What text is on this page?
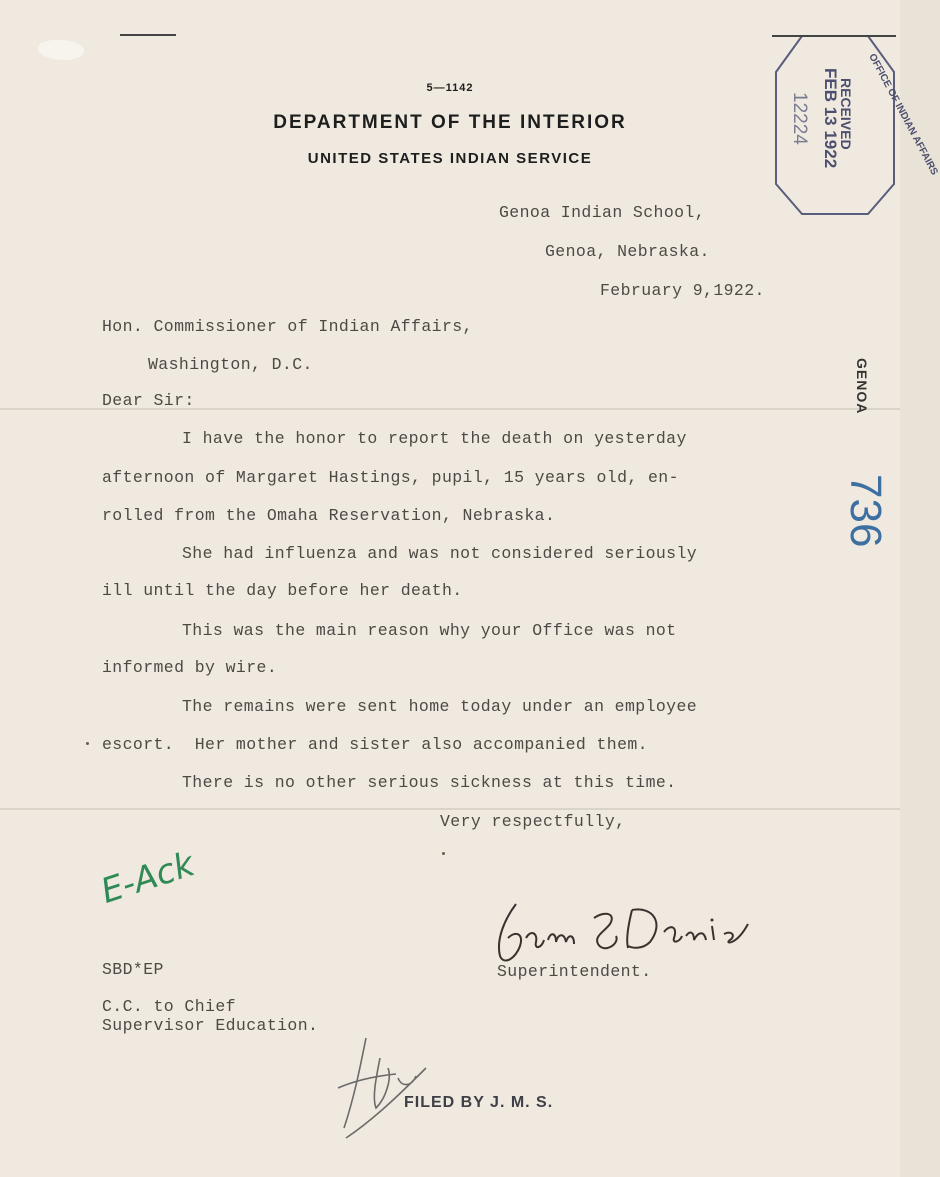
5—1142
DEPARTMENT OF THE INTERIOR
UNITED STATES INDIAN SERVICE	OFFICE OF INDIAN AFFAIRS
RECEIVED
FEB 13 1922
12224
Genoa Indian School,
Genoa, Nebraska.
February 9,1922.
Hon. Commissioner of Indian Affairs,
Washington, D.C.
Dear Sir:
I have the honor to report the death on yesterday
afternoon of Margaret Hastings, pupil, 15 years old, en-
rolled from the Omaha Reservation, Nebraska.
She had influenza and was not considered seriously
ill until the day before her death.
This was the main reason why your Office was not
informed by wire.
The remains were sent home today under an employee
escort.  Her mother and sister also accompanied them.
There is no other serious sickness at this time.
Very respectfully,
Superintendent.
SBD*EP
C.C. to Chief
Supervisor Education.
GENOA
736
E-Ack
FILED BY J. M. S.
